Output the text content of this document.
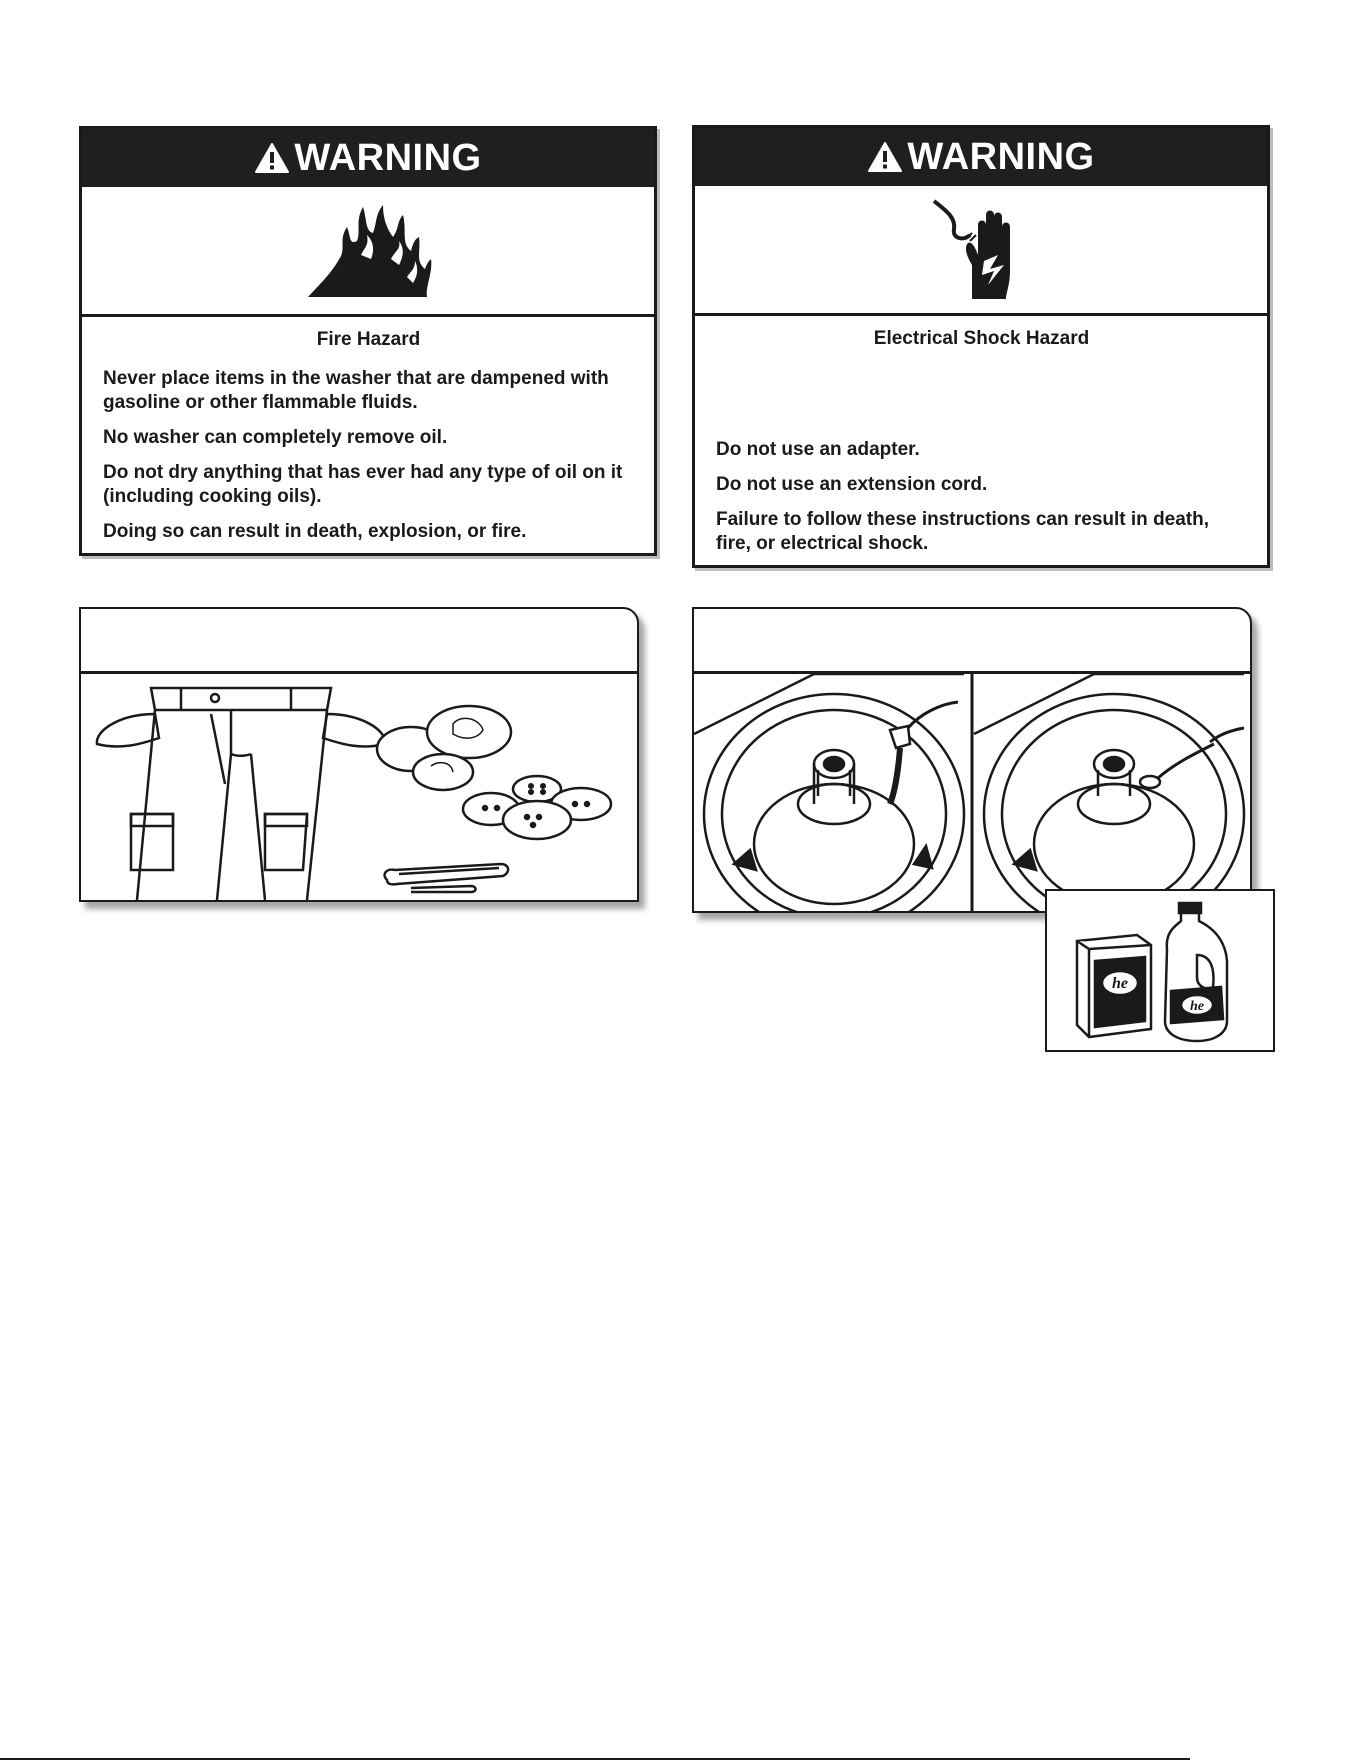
WARNING

Fire Hazard

Never place items in the washer that are dampened with gasoline or other flammable fluids.

No washer can completely remove oil.

Do not dry anything that has ever had any type of oil on it (including cooking oils).

Doing so can result in death, explosion, or fire.

WARNING

Electrical Shock Hazard

Do not use an adapter.

Do not use an extension cord.

Failure to follow these instructions can result in death, fire, or electrical shock.

he
he
